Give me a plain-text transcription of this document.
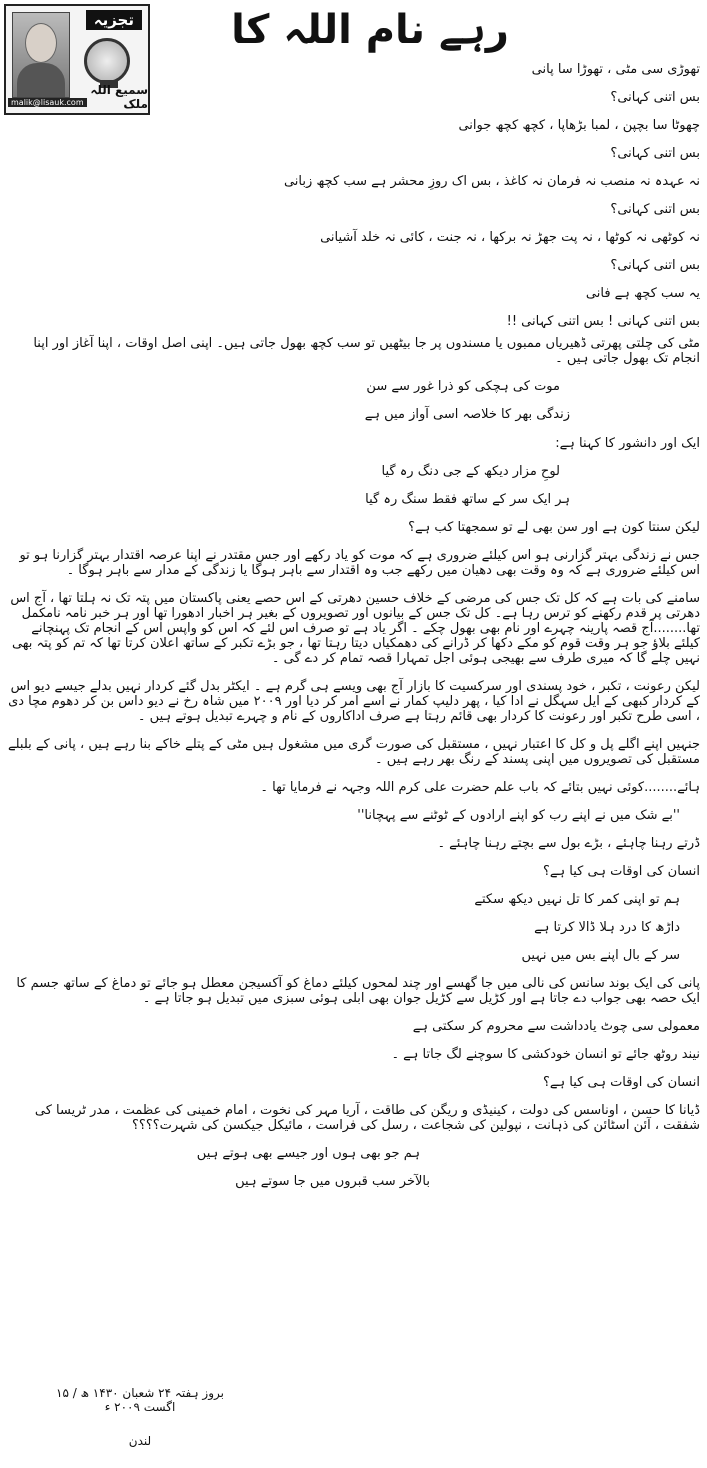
تجزیہ
malik@lisauk.com
سمیع اللہ ملک
رہے نام اللہ کا
تھوڑی سی مٹی ، تھوڑا سا پانی
بس اتنی کہانی؟
چھوٹا سا بچپن ، لمبا بڑھاپا ، کچھ کچھ جوانی
بس اتنی کہانی؟
نہ عہدہ نہ منصب نہ فرمان نہ کاغذ ، بس اک روزِ محشر ہے سب کچھ زبانی
بس اتنی کہانی؟
نہ کوٹھی نہ کوٹھا ، نہ پت جھڑ نہ برکھا ، نہ جنت ، کائی نہ خلد آشیانی
بس اتنی کہانی؟
یہ سب کچھ ہے فانی
بس اتنی کہانی ! بس اتنی کہانی !!
مٹی کی چلتی پھرتی ڈھیریاں ممبوں یا مسندوں پر جا بیٹھیں تو سب کچھ بھول جاتی ہیں۔ اپنی اصل اوقات ، اپنا آغاز اور اپنا انجام تک بھول جاتی ہیں ۔
موت کی ہچکی کو ذرا غور سے سن
زندگی بھر کا خلاصہ اسی آواز میں ہے
ایک اور دانشور کا کہنا ہے:
لوحِ مزار دیکھ کے جی دنگ رہ گیا
ہر ایک سر کے ساتھ فقط سنگ رہ گیا
لیکن سنتا کون ہے اور سن بھی لے تو سمجھتا کب ہے؟
جس نے زندگی بہتر گزارنی ہو اس کیلئے ضروری ہے کہ موت کو یاد رکھے اور جس مقتدر نے اپنا عرصہ اقتدار بہتر گزارنا ہو تو اس کیلئے ضروری ہے کہ وہ وقت بھی دھیان میں رکھے جب وہ اقتدار سے باہر ہوگا یا زندگی کے مدار سے باہر ہوگا ۔
سامنے کی بات ہے کہ کل تک جس کی مرضی کے خلاف حسین دھرتی کے اس حصے یعنی پاکستان میں پتہ تک نہ ہلتا تھا ، آج اس دھرتی پر قدم رکھنے کو ترس رہا ہے۔ کل تک جس کے بیانوں اور تصویروں کے بغیر ہر اخبار ادھورا تھا اور ہر خبر نامہ نامکمل تھا........آج قصہ پارینہ چہرے اور نام بھی بھول چکے ۔ اگر یاد ہے تو صرف اس لئے کہ اس کو واپس اس کے انجام تک پہنچانے کیلئے بلاؤ جو ہر وقت قوم کو مکے دکھا کر ڈرانے کی دھمکیاں دیتا رہتا تھا ، جو بڑے تکبر کے ساتھ اعلان کرتا تھا کہ تم کو پتہ بھی نہیں چلے گا کہ میری طرف سے بھیجی ہوئی اجل تمہارا قصہ تمام کر دے گی ۔
لیکن رعونت ، تکبر ، خود پسندی اور سرکسیت کا بازار آج بھی ویسے ہی گرم ہے ۔ ایکٹر بدل گئے کردار نہیں بدلے جیسے دیو اس کے کردار کبھی کے ایل سہگل نے ادا کیا ، پھر دلیپ کمار نے اسے امر کر دیا اور ۲۰۰۹ میں شاہ رخ نے دیو داس بن کر دھوم مچا دی ، اسی طرح تکبر اور رعونت کا کردار بھی قائم رہتا ہے صرف اداکاروں کے نام و چہرے تبدیل ہوتے ہیں ۔
جنہیں اپنے اگلے پل و کل کا اعتبار نہیں ، مستقبل کی صورت گری میں مشغول ہیں مٹی کے پتلے خاکے بنا رہے ہیں ، پانی کے بلبلے مستقبل کی تصویروں میں اپنی پسند کے رنگ بھر رہے ہیں ۔
ہائے........کوئی نہیں بتائے کہ باب علم حضرت علی کرم اللہ وجہہ نے فرمایا تھا ۔
''بے شک میں نے اپنے رب کو اپنے ارادوں کے ٹوٹنے سے پہچانا''
ڈرتے رہنا چاہئے ، بڑے بول سے بچتے رہنا چاہئے ۔
انسان کی اوقات ہی کیا ہے؟
ہم تو اپنی کمر کا تل نہیں دیکھ سکتے
داڑھ کا درد ہلا ڈالا کرتا ہے
سر کے بال اپنے بس میں نہیں
پانی کی ایک بوند سانس کی نالی میں جا گھسے اور چند لمحوں کیلئے دماغ کو آکسیجن معطل ہو جائے تو دماغ کے ساتھ جسم کا ایک حصہ بھی جواب دے جاتا ہے اور کڑیل سے کڑیل جوان بھی ابلی ہوئی سبزی میں تبدیل ہو جاتا ہے ۔
معمولی سی چوٹ یادداشت سے محروم کر سکتی ہے
نیند روٹھ جائے تو انسان خودکشی کا سوچنے لگ جاتا ہے ۔
انسان کی اوقات ہی کیا ہے؟
ڈیانا کا حسن ، اوناسس کی دولت ، کینیڈی و ریگن کی طاقت ، آریا مہر کی نخوت ، امام خمینی کی عظمت ، مدر ٹریسا کی شفقت ، آئن اسٹائن کی ذہانت ، نپولین کی شجاعت ، رسل کی فراست ، مائیکل جیکسن کی شہرت؟؟؟؟
ہم جو بھی ہوں اور جیسے بھی ہوتے ہیں
بالآخر سب قبروں میں جا سوتے ہیں
بروز ہفتہ ۲۴ شعبان ۱۴۳۰ ھ / ۱۵ اگست ۲۰۰۹ ء
لندن
